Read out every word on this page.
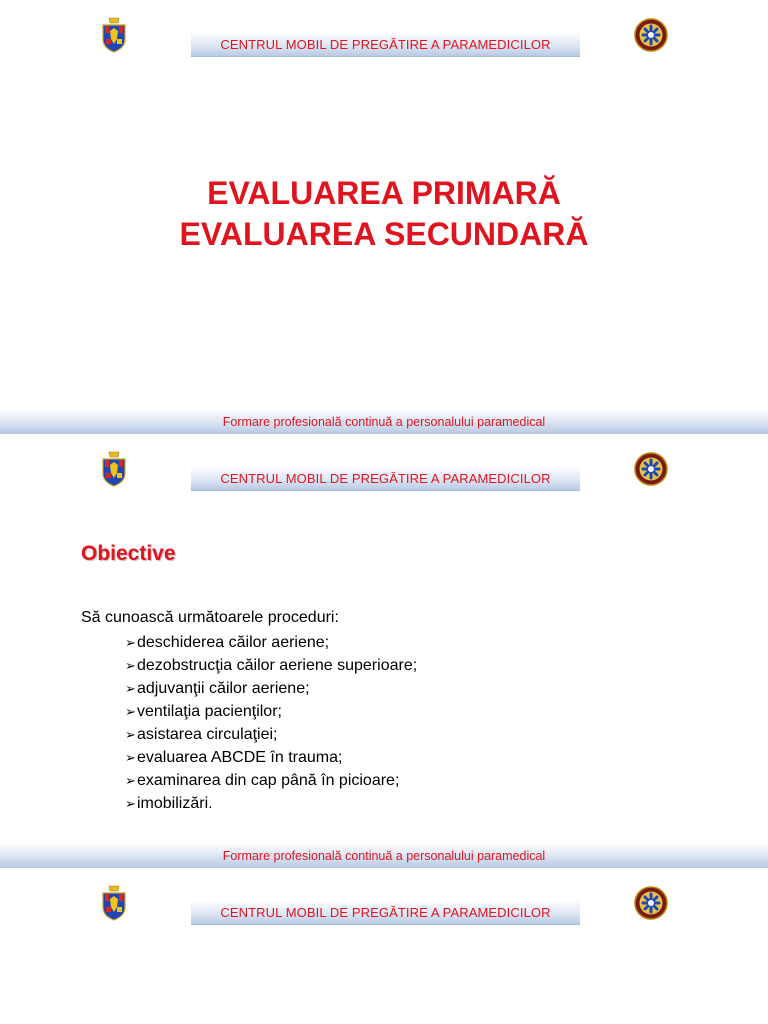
CENTRUL MOBIL DE PREGĂTIRE A PARAMEDICILOR
EVALUAREA PRIMARĂ
EVALUAREA SECUNDARĂ
Formare profesională continuă a personalului paramedical
CENTRUL MOBIL DE PREGĂTIRE A PARAMEDICILOR
Obiective
Să cunoască următoarele proceduri:
➢ deschiderea căilor aeriene;
➢ dezobstrucţia căilor aeriene superioare;
➢ adjuvanţii căilor aeriene;
➢ ventilaţia pacienţilor;
➢ asistarea circulaţiei;
➢ evaluarea ABCDE în trauma;
➢ examinarea din cap până în picioare;
➢ imobilizări.
Formare profesională continuă a personalului paramedical
CENTRUL MOBIL DE PREGĂTIRE A PARAMEDICILOR
